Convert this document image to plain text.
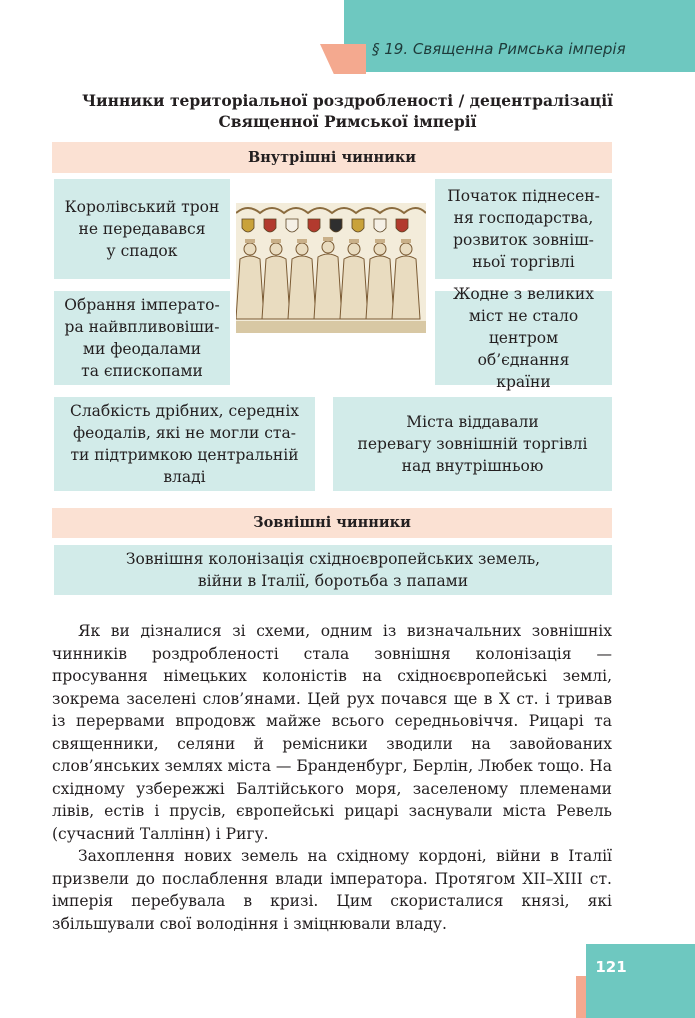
§ 19. Священна Римська імперія
Чинники територіальної роздробленості / децентралізації
Священної Римської імперії
Внутрішні чинники
Королівський трон
не передавався
у спадок
Початок піднесен-
ня господарства,
розвиток зовніш-
ньої торгівлі
Обрання імперато-
ра найвпливовіши-
ми феодалами
та єпископами
Жодне з великих
міст не стало
центром об’єднання
країни
Слабкість дрібних, середніх
феодалів, які не могли ста-
ти підтримкою центральній
владі
Міста віддавали
перевагу зовнішній торгівлі
над внутрішньою
Зовнішні чинники
Зовнішня колонізація східноєвропейських земель,
війни в Італії, боротьба з папами

Як ви дізналися зі схеми, одним із визначальних зовнішніх чинників роздробленості стала зовнішня колонізація — просування німецьких колоністів на східноєвропейські землі, зокрема заселені слов’янами. Цей рух почався ще в X ст. і тривав із перервами впродовж майже всього середньовіччя. Рицарі та священники, селяни й ремісники зводили на завойованих слов’янських землях міста — Бранденбург, Берлін, Любек тощо. На східному узбережжі Балтійського моря, заселеному племенами лівів, естів і прусів, європейські рицарі заснували міста Ревель (сучасний Таллінн) і Ригу.

Захоплення нових земель на східному кордоні, війни в Італії призвели до послаблення влади імператора. Протягом XII–XIII ст. імперія перебувала в кризі. Цим скористалися князі, які збільшували свої володіння і зміцнювали владу.

121
